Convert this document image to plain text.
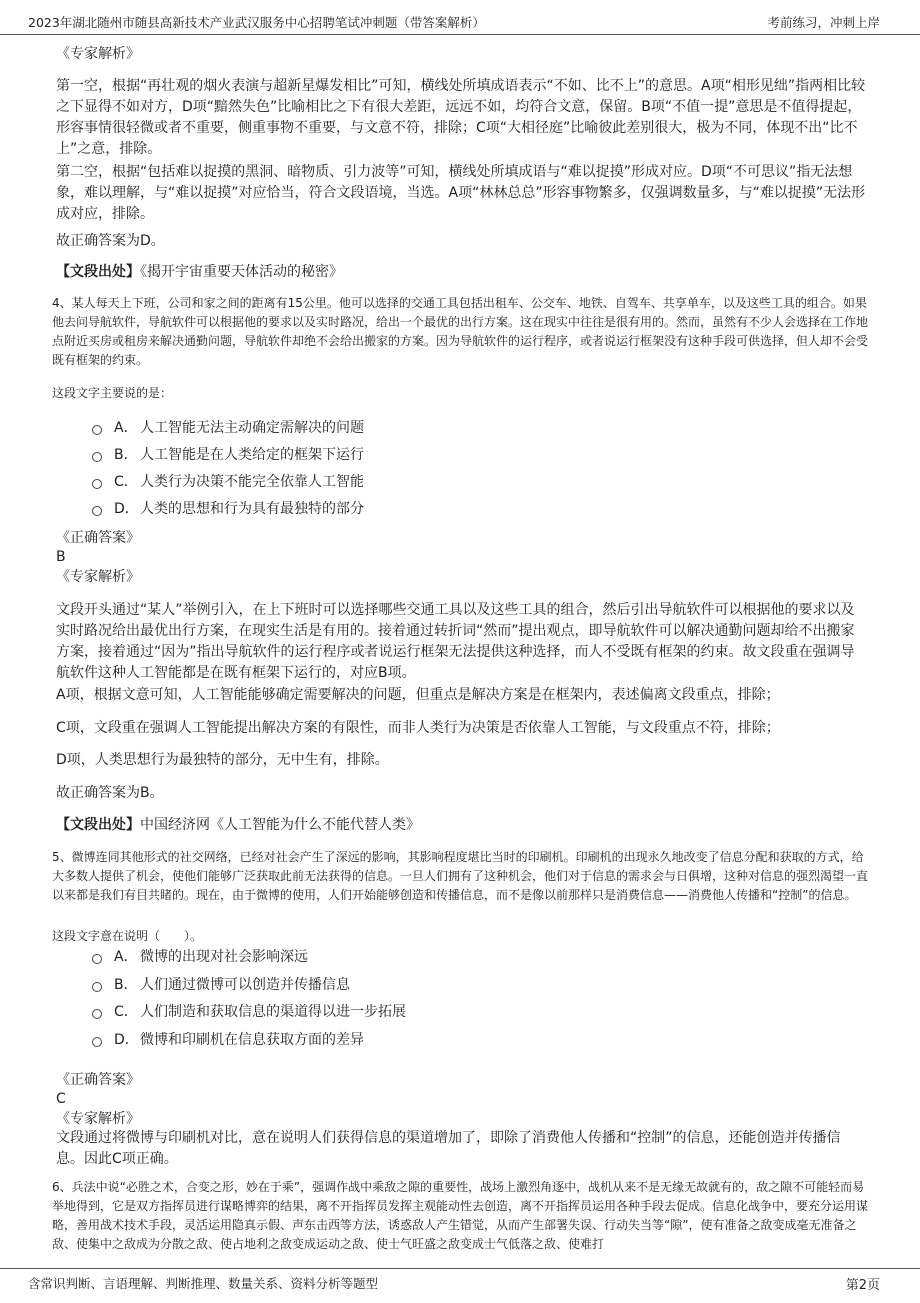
2023年湖北随州市随县高新技术产业武汉服务中心招聘笔试冲刺题（带答案解析）	考前练习，冲刺上岸
《专家解析》
第一空，根据“再壮观的烟火表演与超新星爆发相比”可知，横线处所填成语表示“不如、比不上”的意思。A项“相形见绌”指两相比较之下显得不如对方，D项“黯然失色”比喻相比之下有很大差距，远远不如，均符合文意，保留。B项“不值一提”意思是不值得提起，形容事情很轻微或者不重要，侧重事物不重要，与文意不符，排除；C项“大相径庭”比喻彼此差别很大，极为不同，体现不出“比不上”之意，排除。
第二空，根据“包括难以捉摸的黑洞、暗物质、引力波等”可知，横线处所填成语与“难以捉摸”形成对应。D项“不可思议”指无法想象，难以理解，与“难以捉摸”对应恰当，符合文段语境，当选。A项“林林总总”形容事物繁多，仅强调数量多，与“难以捉摸”无法形成对应，排除。
故正确答案为D。
【文段出处】《揭开宇宙重要天体活动的秘密》
4、某人每天上下班，公司和家之间的距离有15公里。他可以选择的交通工具包括出租车、公交车、地铁、自驾车、共享单车，以及这些工具的组合。如果他去问导航软件，导航软件可以根据他的要求以及实时路况，给出一个最优的出行方案。这在现实中往往是很有用的。然而，虽然有不少人会选择在工作地点附近买房或租房来解决通勤问题，导航软件却绝不会给出搬家的方案。因为导航软件的运行程序，或者说运行框架没有这种手段可供选择，但人却不会受既有框架的约束。
这段文字主要说的是：
A． 人工智能无法主动确定需解决的问题
B． 人工智能是在人类给定的框架下运行
C． 人类行为决策不能完全依靠人工智能
D． 人类的思想和行为具有最独特的部分
《正确答案》
B
《专家解析》
文段开头通过“某人”举例引入，在上下班时可以选择哪些交通工具以及这些工具的组合，然后引出导航软件可以根据他的要求以及实时路况给出最优出行方案，在现实生活是有用的。接着通过转折词“然而”提出观点，即导航软件可以解决通勤问题却给不出搬家方案，接着通过“因为”指出导航软件的运行程序或者说运行框架无法提供这种选择，而人不受既有框架的约束。故文段重在强调导航软件这种人工智能都是在既有框架下运行的，对应B项。
A项，根据文意可知，人工智能能够确定需要解决的问题，但重点是解决方案是在框架内，表述偏离文段重点，排除；
C项，文段重在强调人工智能提出解决方案的有限性，而非人类行为决策是否依靠人工智能，与文段重点不符，排除；
D项，人类思想行为最独特的部分，无中生有，排除。
故正确答案为B。
【文段出处】中国经济网《人工智能为什么不能代替人类》
5、微博连同其他形式的社交网络，已经对社会产生了深远的影响，其影响程度堪比当时的印刷机。印刷机的出现永久地改变了信息分配和获取的方式，给大多数人提供了机会，使他们能够广泛获取此前无法获得的信息。一旦人们拥有了这种机会，他们对于信息的需求会与日俱增，这种对信息的强烈渴望一直以来都是我们有目共睹的。现在，由于微博的使用，人们开始能够创造和传播信息，而不是像以前那样只是消费信息——消费他人传播和“控制”的信息。
这段文字意在说明（　　）。
A． 微博的出现对社会影响深远
B． 人们通过微博可以创造并传播信息
C． 人们制造和获取信息的渠道得以进一步拓展
D． 微博和印刷机在信息获取方面的差异
《正确答案》
C
《专家解析》
文段通过将微博与印刷机对比，意在说明人们获得信息的渠道增加了，即除了消费他人传播和“控制”的信息，还能创造并传播信息。因此C项正确。
6、兵法中说“必胜之术，合变之形，妙在于乘”，强调作战中乘敌之隙的重要性，战场上激烈角逐中，战机从来不是无缘无故就有的，敌之隙不可能轻而易举地得到，它是双方指挥员进行谋略博弈的结果，离不开指挥员发挥主观能动性去创造，离不开指挥员运用各种手段去促成。信息化战争中，要充分运用谋略，善用战术技术手段，灵活运用隐真示假、声东击西等方法，诱惑敌人产生错觉，从而产生部署失误、行动失当等“隙”，使有准备之敌变成毫无准备之敌、使集中之敌成为分散之敌、使占地利之敌变成运动之敌、使士气旺盛之敌变成士气低落之敌、使难打
含常识判断、言语理解、判断推理、数量关系、资料分析等题型	第2页
